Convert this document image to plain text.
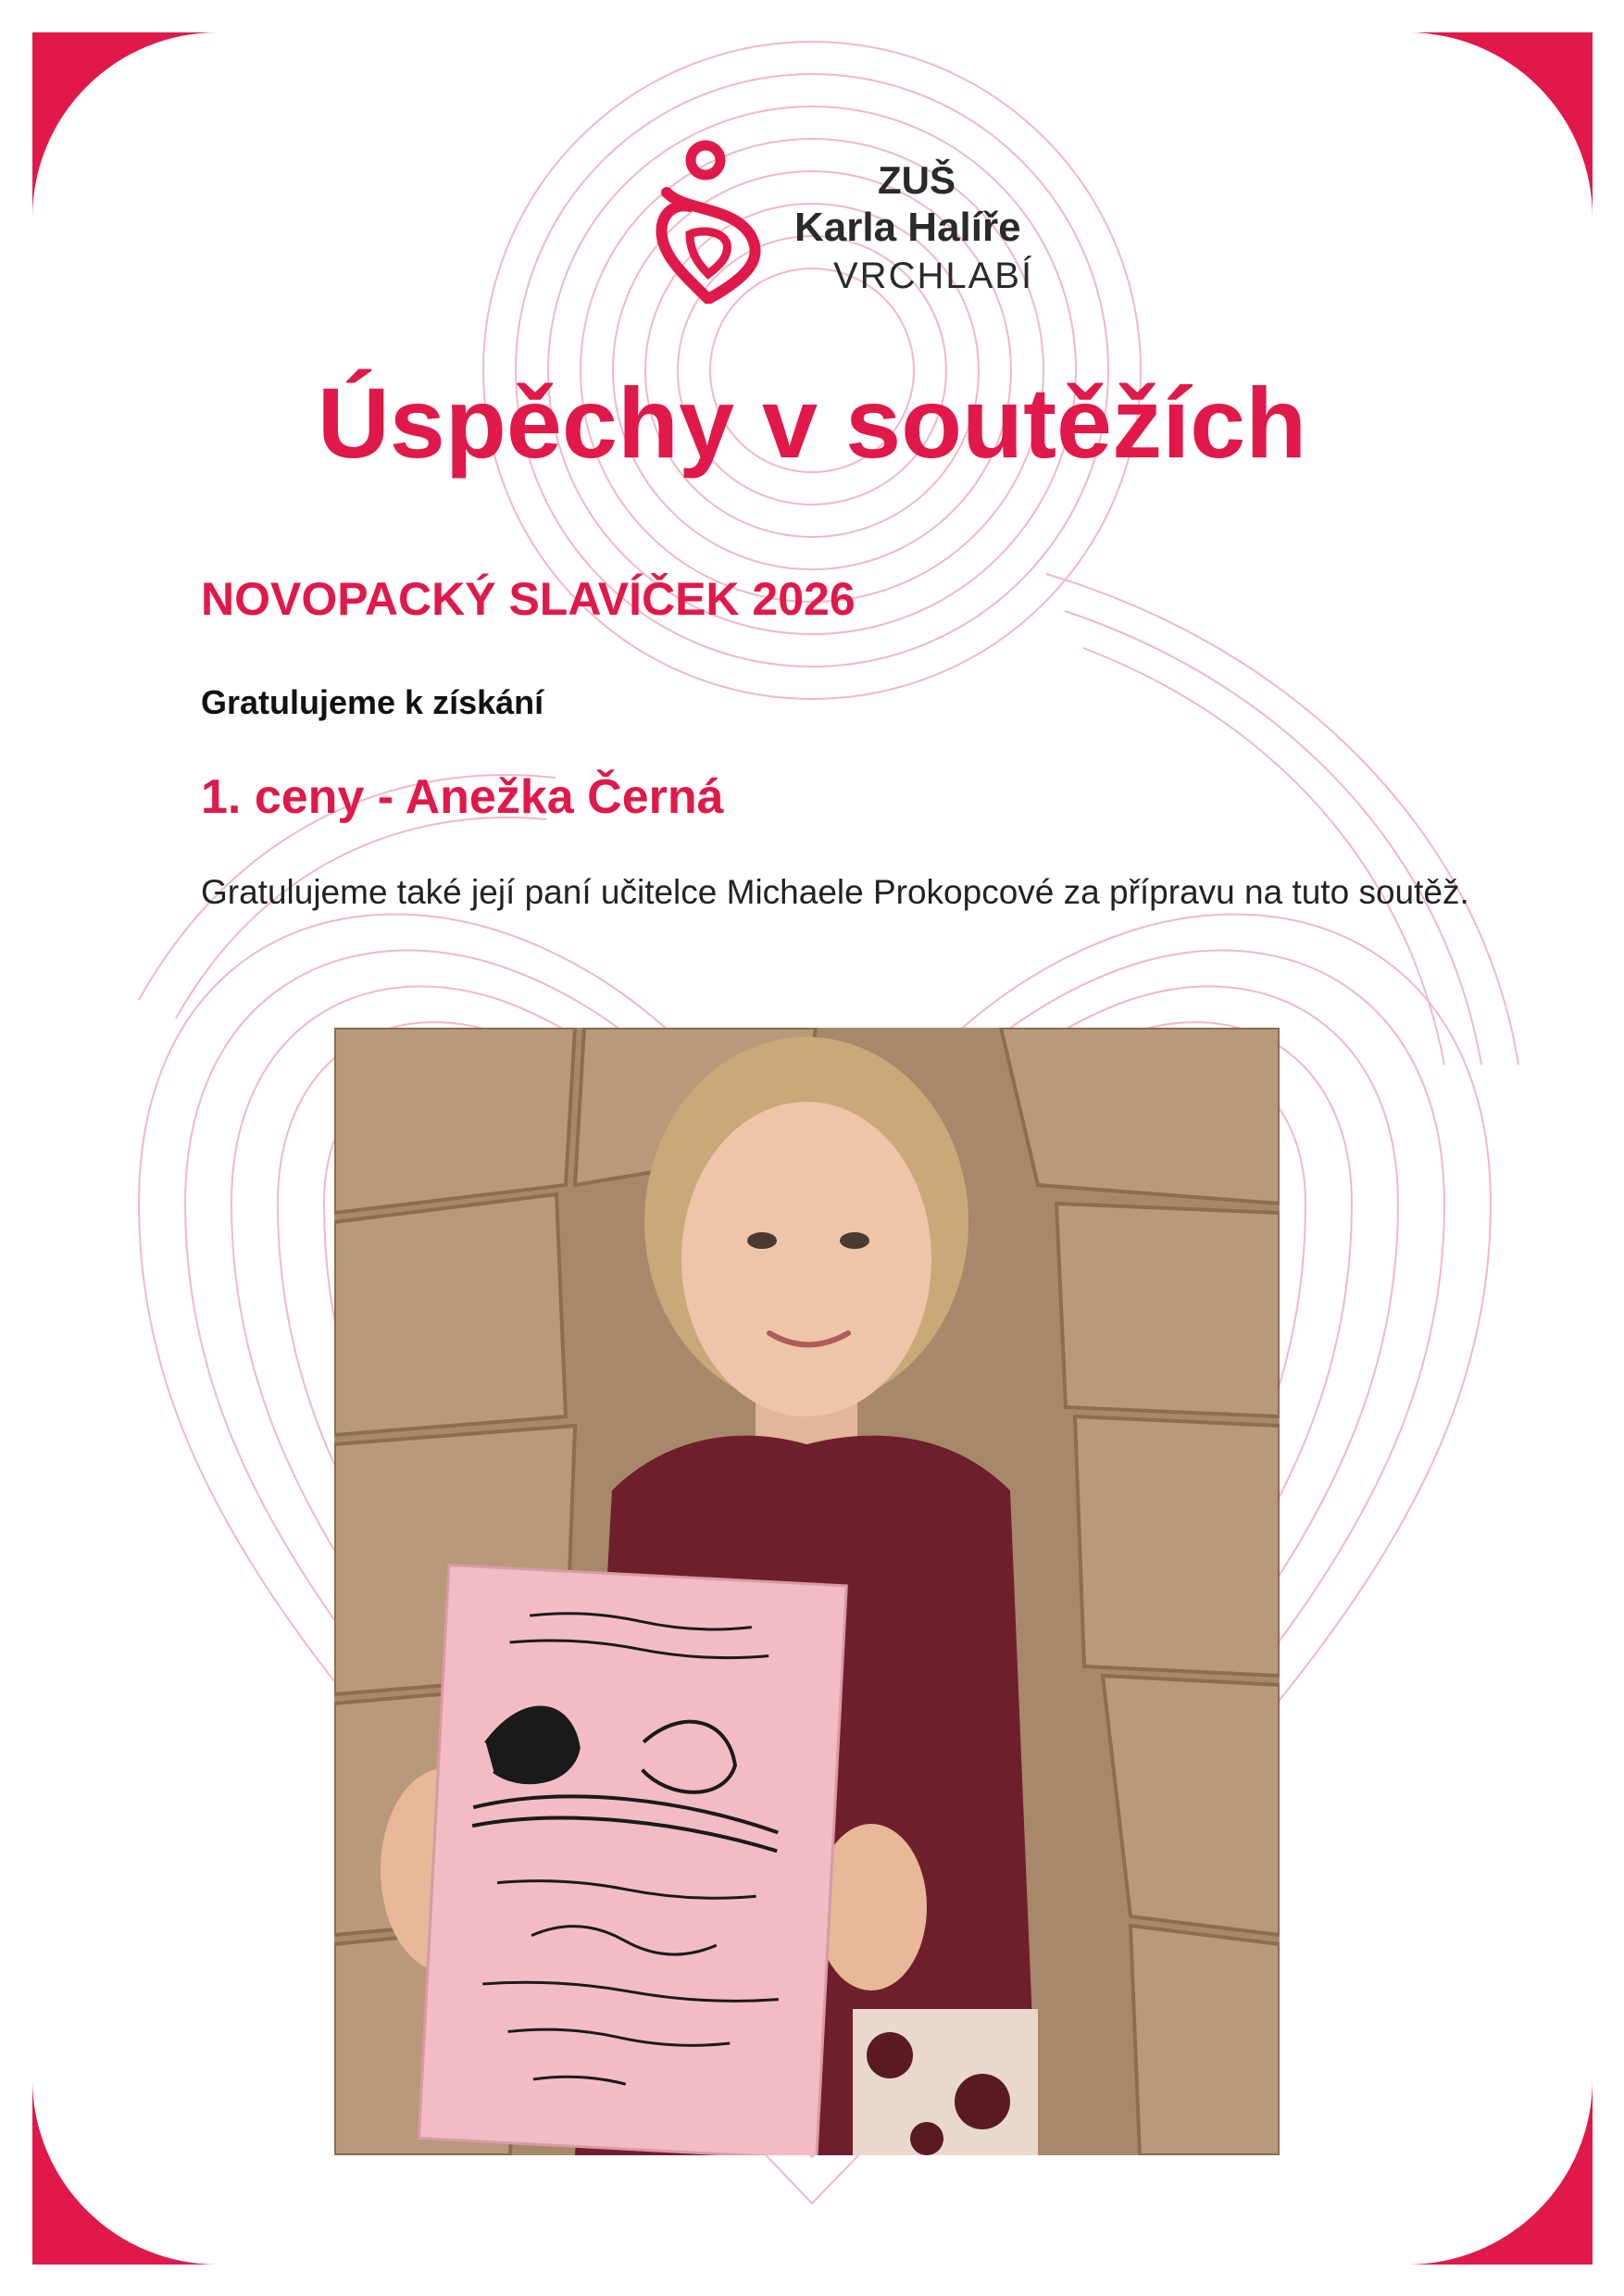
ZUŠ
Karla Halíře
VRCHLABÍ
Úspěchy v soutěžích
NOVOPACKÝ SLAVÍČEK 2026

Gratulujeme k získání

1. ceny - Anežka Černá

Gratulujeme také její paní učitelce Michaele Prokopcové za přípravu na tuto soutěž.
